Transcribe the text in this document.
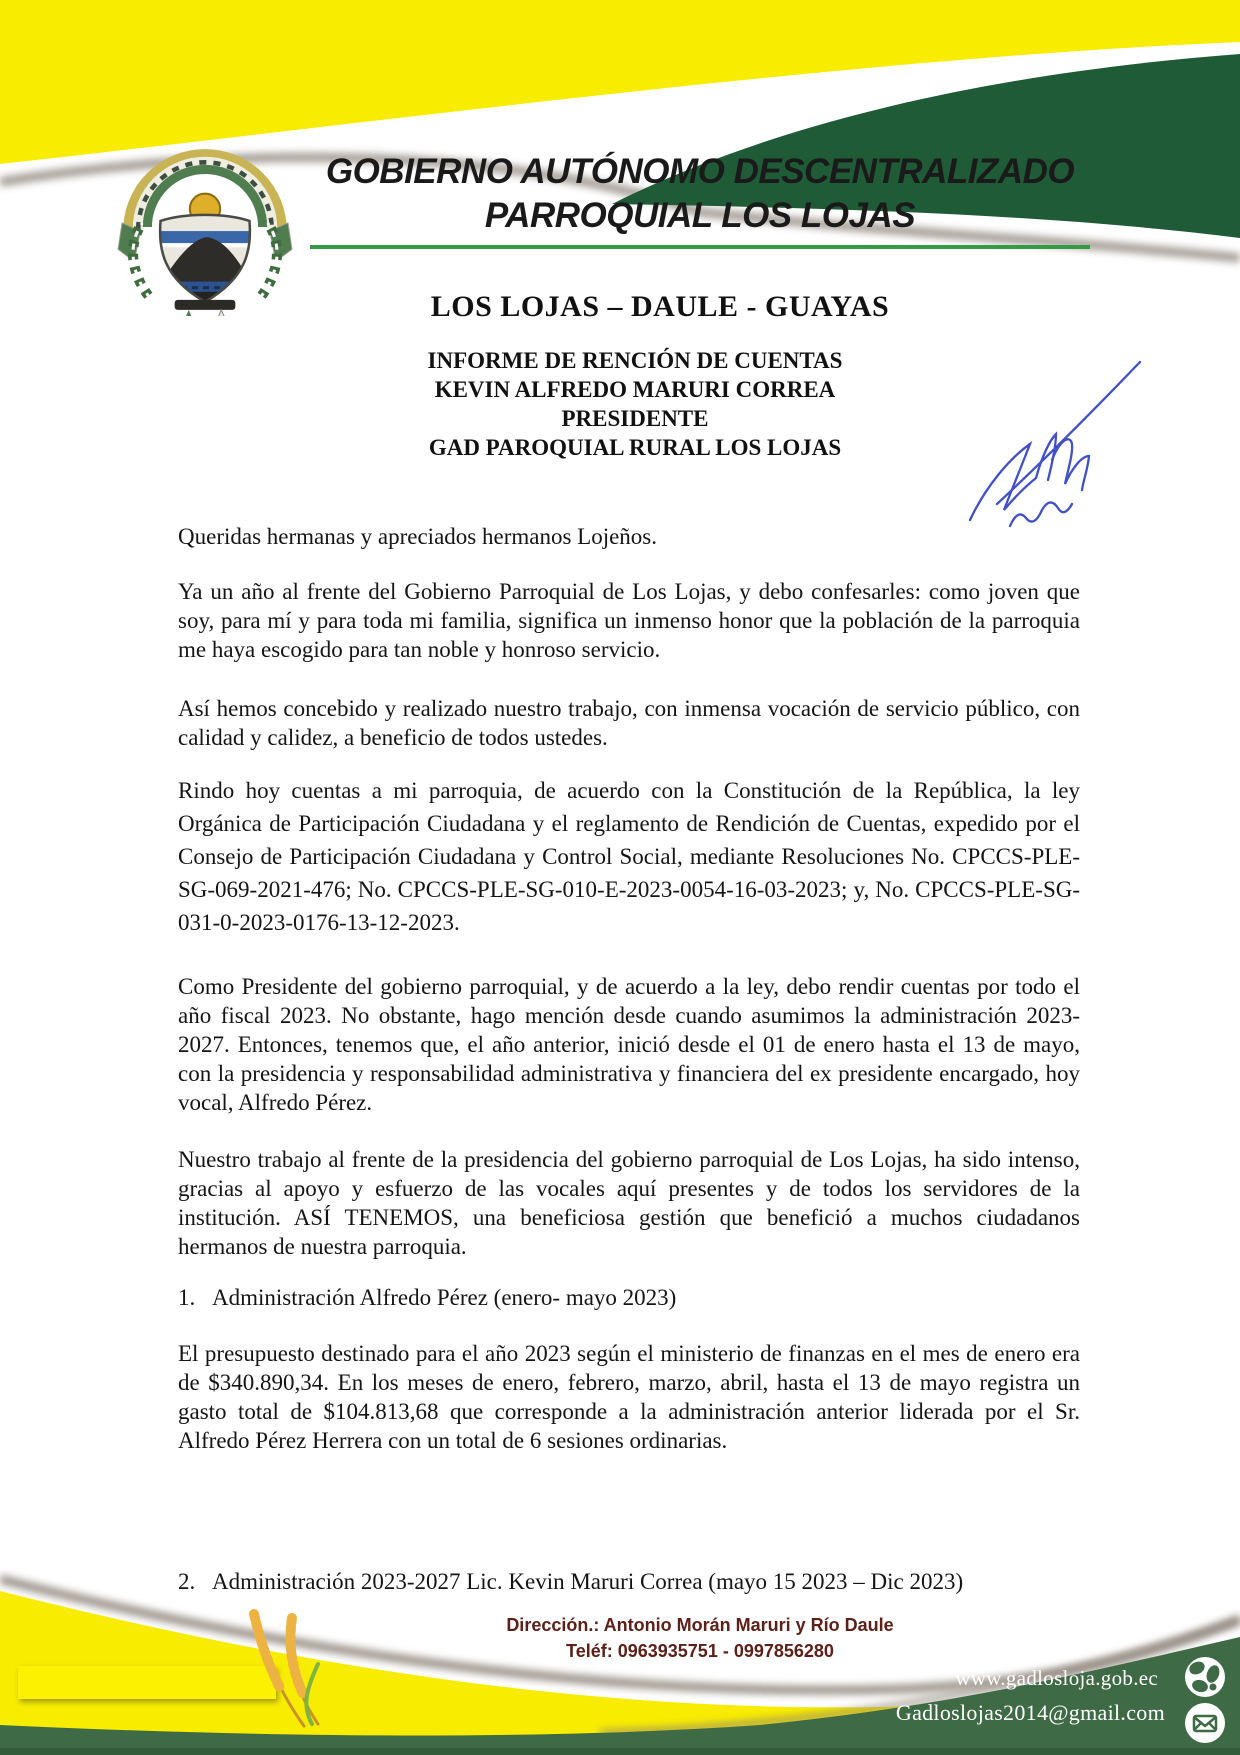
GOBIERNO AUTÓNOMO DESCENTRALIZADO
PARROQUIAL LOS LOJAS
LOS LOJAS – DAULE - GUAYAS
INFORME DE RENCIÓN DE CUENTAS
KEVIN ALFREDO MARURI CORREA
PRESIDENTE
GAD PAROQUIAL RURAL LOS LOJAS

Queridas hermanas y apreciados hermanos Lojeños.

Ya un año al frente del Gobierno Parroquial de Los Lojas, y debo confesarles: como joven que soy, para mí y para toda mi familia, significa un inmenso honor que la población de la parroquia me haya escogido para tan noble y honroso servicio.

Así hemos concebido y realizado nuestro trabajo, con inmensa vocación de servicio público, con calidad y calidez, a beneficio de todos ustedes.

Rindo hoy cuentas a mi parroquia, de acuerdo con la Constitución de la República, la ley Orgánica de Participación Ciudadana y el reglamento de Rendición de Cuentas, expedido por el Consejo de Participación Ciudadana y Control Social, mediante Resoluciones No. CPCCS-PLE-SG-069-2021-476; No. CPCCS-PLE-SG-010-E-2023-0054-16-03-2023; y, No. CPCCS-PLE-SG-031-0-2023-0176-13-12-2023.

Como Presidente del gobierno parroquial, y de acuerdo a la ley, debo rendir cuentas por todo el año fiscal 2023. No obstante, hago mención desde cuando asumimos la administración 2023-2027. Entonces, tenemos que, el año anterior, inició desde el 01 de enero hasta el 13 de mayo, con la presidencia y responsabilidad administrativa y financiera del ex presidente encargado, hoy vocal, Alfredo Pérez.

Nuestro trabajo al frente de la presidencia del gobierno parroquial de Los Lojas, ha sido intenso, gracias al apoyo y esfuerzo de las vocales aquí presentes y de todos los servidores de la institución. ASÍ TENEMOS, una beneficiosa gestión que benefició a muchos ciudadanos hermanos de nuestra parroquia.

1. Administración Alfredo Pérez (enero- mayo 2023)

El presupuesto destinado para el año 2023 según el ministerio de finanzas en el mes de enero era de $340.890,34. En los meses de enero, febrero, marzo, abril, hasta el 13 de mayo registra un gasto total de $104.813,68 que corresponde a la administración anterior liderada por el Sr. Alfredo Pérez Herrera con un total de 6 sesiones ordinarias.

2. Administración 2023-2027 Lic. Kevin Maruri Correa (mayo 15 2023 – Dic 2023)

Dirección.: Antonio Morán Maruri y Río Daule
Teléf: 0963935751 - 0997856280
www.gadlosloja.gob.ec
Gadloslojas2014@gmail.com
